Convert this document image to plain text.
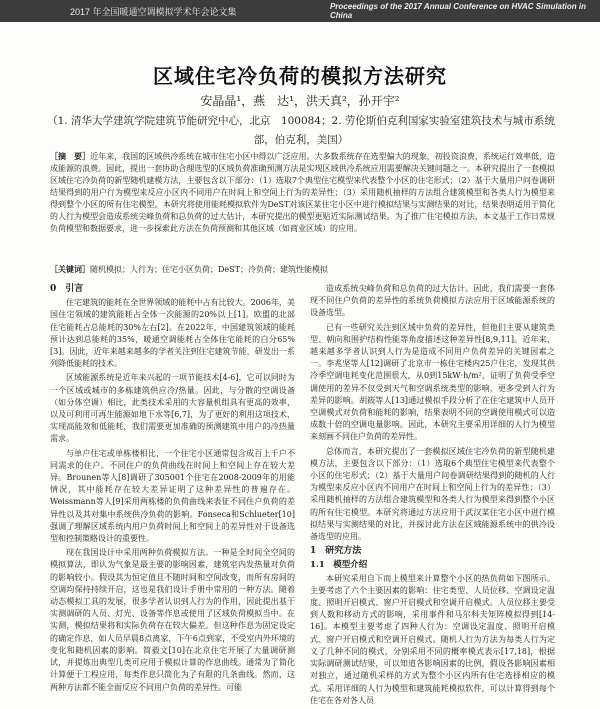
2017 年全国暖通空调模拟学术年会论文集	Proceedings of the 2017 Annual Conference on HVAC Simulation in China
区域住宅冷负荷的模拟方法研究
安晶晶¹，燕　达¹，洪天真²，孙开宇²
（1. 清华大学建筑学院建筑节能研究中心，北京　100084；2. 劳伦斯伯克利国家实验室建筑技术与城市系统部，伯克利，美国）
［摘　要］近年来，我国的区域供冷系统在城市住宅小区中得以广泛应用。大多数系统存在选型偏大的现象，初投资浪费，系统运行效率低，造成能源的浪费。因此，提出一套协助合理选型的区域负荷准确预测方法是实现区域供冷系统应用需要解决关键问题之一。本研究提出了一套模拟区域住宅冷负荷的新型随机建模方法，主要包含以下部分：（1）选取7个典型住宅模型来代表整个小区的住宅形式；（2）基于大量用户问卷调研结果得到的用户行为模型来反应小区内不同用户在时间上和空间上行为的差异性；（3）采用随机抽样的方法组合建筑模型和各类人行为模型来得到整个小区的所有住宅模型。本研究将使用能耗模拟软件为DeST对该区某住宅小区中进行模拟结果与实测结果的对比，结果表明适用于简化的人行为模型会造成系统尖峰负荷和总负荷的过大估计，本研究提出的模型更贴近实际测试结果。为了推广住宅模拟方法，本文基于工作日常规负荷模型和数据要求，进一步探索此方法在负荷预测和其他区域（如商业区域）的应用。
［关键词］随机模拟；人行为；住宅小区负荷；DeST；冷负荷；建筑性能模拟
0　引言

住宅建筑的能耗在全世界领域的能耗中占有比较大。2006年，美国住宅领域的建筑能耗占全体一次能源的20%以上[1]。欧盟的北部住宅能耗占总能耗的30%左右[2]。在2022年，中国建筑领域的能耗预计达到总能耗的35%，暖通空调能耗占全体住宅能耗的白分65%[3]。因此，近年来越来越多的学者关注到住宅建筑节能，研发出一系列降低能耗的技术。

区域能源系统是近年来兴起的一项节能技术[4-6]，它可以同时为一个区域或城市的多栋建筑供应冷/热量。因此，与分散的空调设备（如分体空调）相比，此类技术采用的大容量机组具有更高的效率，以及可利用可再生能源如地下水等[6,7]，为了更好的利用这项技术，实现高能效和低能耗，我们需要更加准确的预测建筑中用户的冷热量需求。

与单户住宅或单栋楼相比，一个住宅小区通常包含成百上千户不同需求的住户。不同住户的负荷曲线在时间上和空间上存在较大差异。Brounen等人[8]调研了305001个住宅在2008-2009年的用能情况，其中能耗存在较大差异证明了这种差异性的普遍存在。Weissmann等人[9]采用两栋楼的负荷曲线来表征不同住户负荷的差异性以及其对集中系统供冷负荷的影响。Fonseca和Schlueter[10]强调了理解区域系统内用户负荷时间上和空间上的差异性对于设备选型和控制策略设计的重要性。

现在我国设计中采用两种负荷模拟方法。一种是全时间全空间的模拟算法，即认为气象是最主要的影响因素，建筑室内发热量对负荷的影响较小。假设其为恒定值且不随时间和空间改变，而所有房间的空调均保持持续开启，这也是我们设计手册中常用的一种方法。随着动态模拟工具的发展，很多学者认识到人行为的作用，因此提出基于实测调研的人员、灯光、设备等作息或使用了区域负荷模拟当中。在实测，模拟结果将和实际负荷存在较大偏差。但这种作息为固定设定的确定作息，如人员早晨8点离家，下午6点到家，不受室内外环境的变化和随机因素的影响。简毅文[10]在北京住宅开展了大量调研测试，并提炼出典型几类可应用于模拟计算的作息曲线。通常为了简化计算便于工程应用，每类作息只简化为了有限的几条曲线。然而，这两种方法都不能全面反应不同用户负荷的差异性。可能

造成系统尖峰负荷和总负荷的过大估计。因此，我们需要一套体现不同住户负荷的差异性的系统负荷模拟方法应用于区域能源系统的设备选型。

已有一些研究关注到区域中负荷的差异性，但他们主要从建筑类型、朝向和围护结构性能等角度描述这种差异性[8,9,11]。近年来，越来越多学者认识到人行为是造成不同用户负荷差异的关键因素之一。李兆坚等人[12]调研了北京市一栋住宅楼内25户住宅，发现其供冷季空调电耗变化范围很大，从0到15kW·h/m²，证明了负荷受季空调使用的差异不仅受到天气和空调系统类型的影响，更多受到人行为差异的影响。胡筱等人[13]通过模拟手段分析了在住宅建筑中人员开空调模式对负荷和能耗的影响，结果表明不同的空调使用模式可以造成数十倍的空调电量影响。因此，本研究主要采用详细的人行为模型来刻画不同住户负荷的差异性。

总体而言，本研究提出了一套模拟区域住宅冷负荷的新型随机建模方法，主要包含以下部分：（1）选取6个典型住宅模型来代表整个小区的住宅形式；（2）基于大量用户问卷调研结果得到的随机的人行为模型来反应小区内不同用户在时间上和空间上行为的差异性；（3）采用随机抽样的方法组合建筑模型和各类人行为模型来得到整个小区的所有住宅模型。本研究将通过方法应用于武汉某住宅小区中进行模拟结果与实测结果的对比，并探讨此方法在区域能源系统中的供冷设备选型的应用。

1　研究方法
1.1　模型介绍

本研究采用自下而上模型来计算整个小区的热负荷如下图所示。主要考虑了六个主要因素的影响：住宅类型、人员位移、空调设定温度、照明开启模式、窗户开启模式和空调开启模式。人员位移主要受到人数和移动方式的影响，采用事件和马尔科夫矩阵模拟得到[14-16]。本模型主要考虑了四种人行为：空调设定温度、照明开启模式、窗户开启模式和空调开启模式。随机人行为方法为每类人行为定义了几种不同的模式，分别采用不同的概率模式表示[17,18]，根据实际调研测试结果，可以知道各影响因素的比例，假设各影响因素相对独立，通过随机采样的方式为整个小区内所有住宅选择相应的模式。采用详细的人行为模型和建筑能耗模拟软件，可以计算得到每个住宅在各对各人员
